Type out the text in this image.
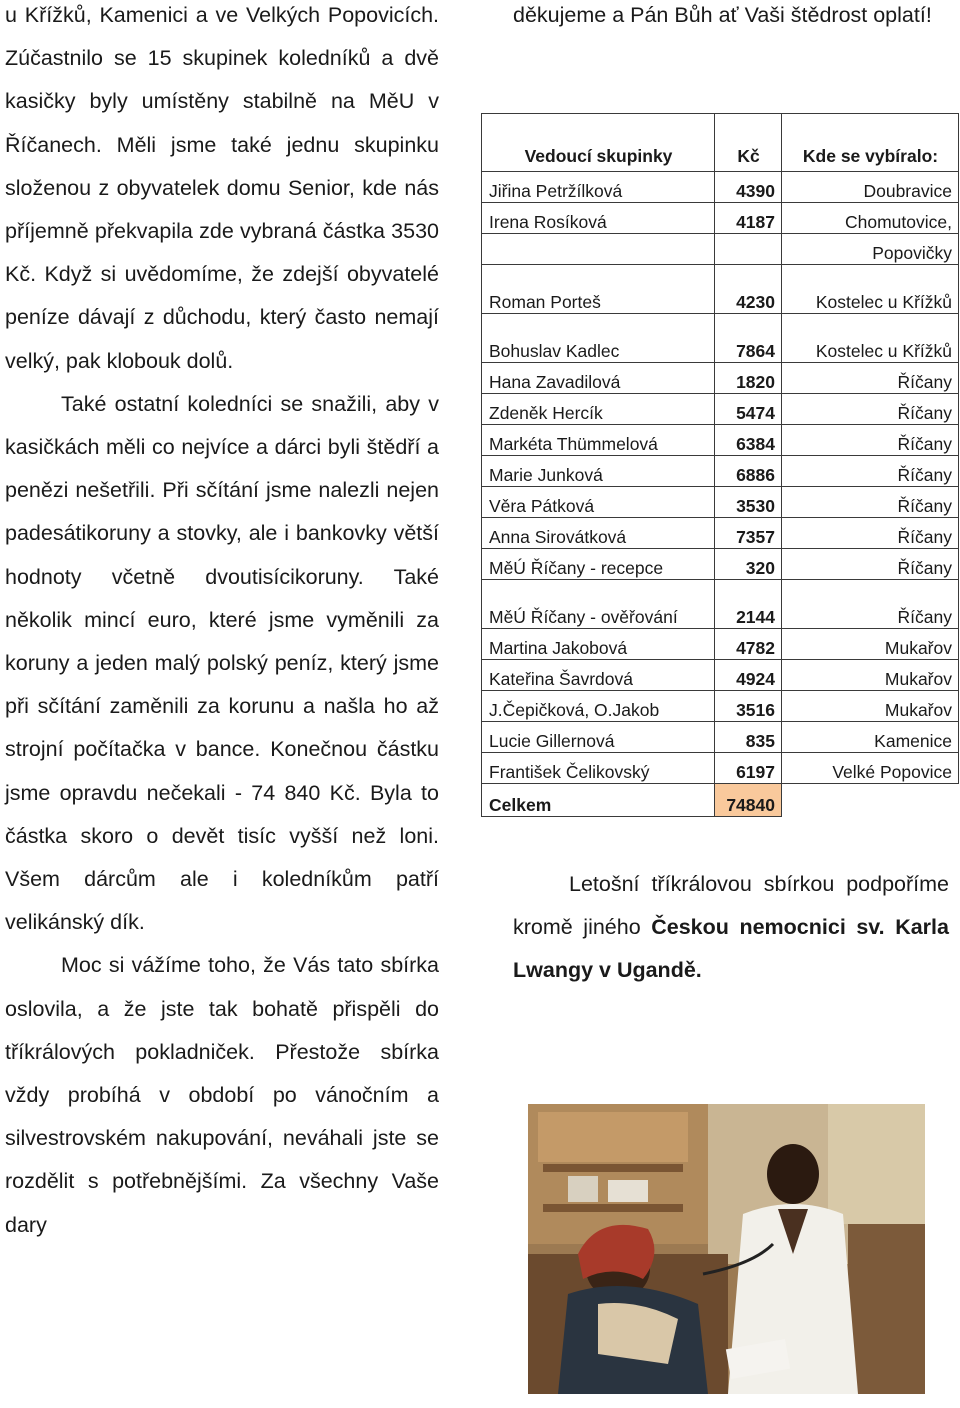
u Křížků, Kamenici a ve Velkých Popovicích. Zúčastnilo se 15 skupinek koledníků a dvě kasičky byly umístěny stabilně na MěU v Říčanech. Měli jsme také jednu skupinku složenou z obyvatelek domu Senior, kde nás příjemně překvapila zde vybraná částka 3530 Kč. Když si uvědomíme, že zdejší obyvatelé peníze dávají z důchodu, který často nemají velký, pak klobouk dolů.

Také ostatní koledníci se snažili, aby v kasičkách měli co nejvíce a dárci byli štědří a penězi nešetřili. Při sčítání jsme nalezli nejen padesátikoruny a stovky, ale i bankovky větší hodnoty včetně dvoutisícikoruny. Také několik mincí euro, které jsme vyměnili za koruny a jeden malý polský peníz, který jsme při sčítání zaměnili za korunu a našla ho až strojní počítačka v bance. Konečnou částku jsme opravdu nečekali - 74 840 Kč. Byla to částka skoro o devět tisíc vyšší než loni. Všem dárcům ale i koledníkům patří velikánský dík.

Moc si vážíme toho, že Vás tato sbírka oslovila, a že jste tak bohatě přispěli do tříkrálových pokladniček. Přestože sbírka vždy probíhá v období po vánočním a silvestrovském nakupování, neváhali jste se rozdělit s potřebnějšími. Za všechny Vaše dary

děkujeme a Pán Bůh ať Vaši štědrost oplatí!

Vedoucí skupinky	Kč	Kde se vybíralo:
Jiřina Petržílková	4390	Doubravice
Irena Rosíková	4187	Chomutovice,
		Popovičky
Roman Porteš	4230	Kostelec u Křížků
Bohuslav Kadlec	7864	Kostelec u Křížků
Hana Zavadilová	1820	Říčany
Zdeněk Hercík	5474	Říčany
Markéta Thümmelová	6384	Říčany
Marie Junková	6886	Říčany
Věra Pátková	3530	Říčany
Anna Sirovátková	7357	Říčany
MěÚ Říčany - recepce	320	Říčany
MěÚ Říčany - ověřování	2144	Říčany
Martina Jakobová	4782	Mukařov
Kateřina Šavrdová	4924	Mukařov
J.Čepičková, O.Jakob	3516	Mukařov
Lucie Gillernová	835	Kamenice
František Čelikovský	6197	Velké Popovice
Celkem	74840	

Letošní tříkrálovou sbírkou podpoříme kromě jiného Českou nemocnici sv. Karla Lwangy v Ugandě.
